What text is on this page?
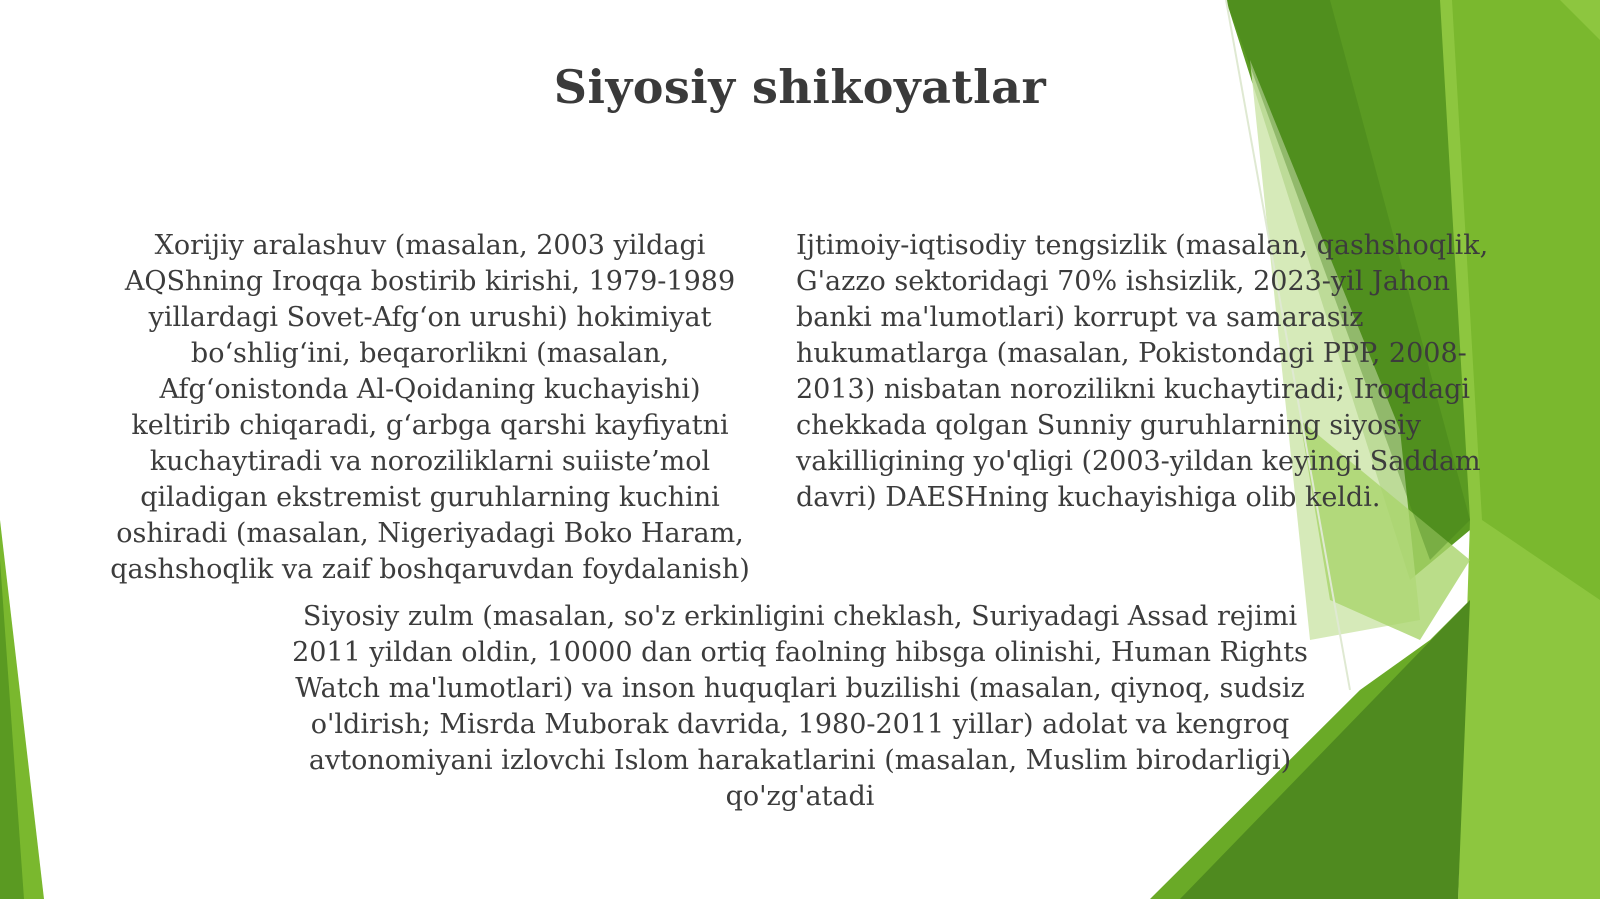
Siyosiy shikoyatlar

Xorijiy aralashuv (masalan, 2003 yildagi AQShning Iroqqa bostirib kirishi, 1979-1989 yillardagi Sovet-Afg‘on urushi) hokimiyat bo‘shlig‘ini, beqarorlikni (masalan, Afg‘onistonda Al-Qoidaning kuchayishi) keltirib chiqaradi, g‘arbga qarshi kayfiyatni kuchaytiradi va noroziliklarni suiiste’mol qiladigan ekstremist guruhlarning kuchini oshiradi (masalan, Nigeriyadagi Boko Haram, qashshoqlik va zaif boshqaruvdan foydalanish)

Ijtimoiy-iqtisodiy tengsizlik (masalan, qashshoqlik, G'azzo sektoridagi 70% ishsizlik, 2023-yil Jahon banki ma'lumotlari) korrupt va samarasiz hukumatlarga (masalan, Pokistondagi PPP, 2008-2013) nisbatan norozilikni kuchaytiradi; Iroqdagi chekkada qolgan Sunniy guruhlarning siyosiy vakilligining yo'qligi (2003-yildan keyingi Saddam davri) DAESHning kuchayishiga olib keldi.

Siyosiy zulm (masalan, so'z erkinligini cheklash, Suriyadagi Assad rejimi 2011 yildan oldin, 10000 dan ortiq faolning hibsga olinishi, Human Rights Watch ma'lumotlari) va inson huquqlari buzilishi (masalan, qiynoq, sudsiz o'ldirish; Misrda Muborak davrida, 1980-2011 yillar) adolat va kengroq avtonomiyani izlovchi Islom harakatlarini (masalan, Muslim birodarligi) qo'zg'atadi
